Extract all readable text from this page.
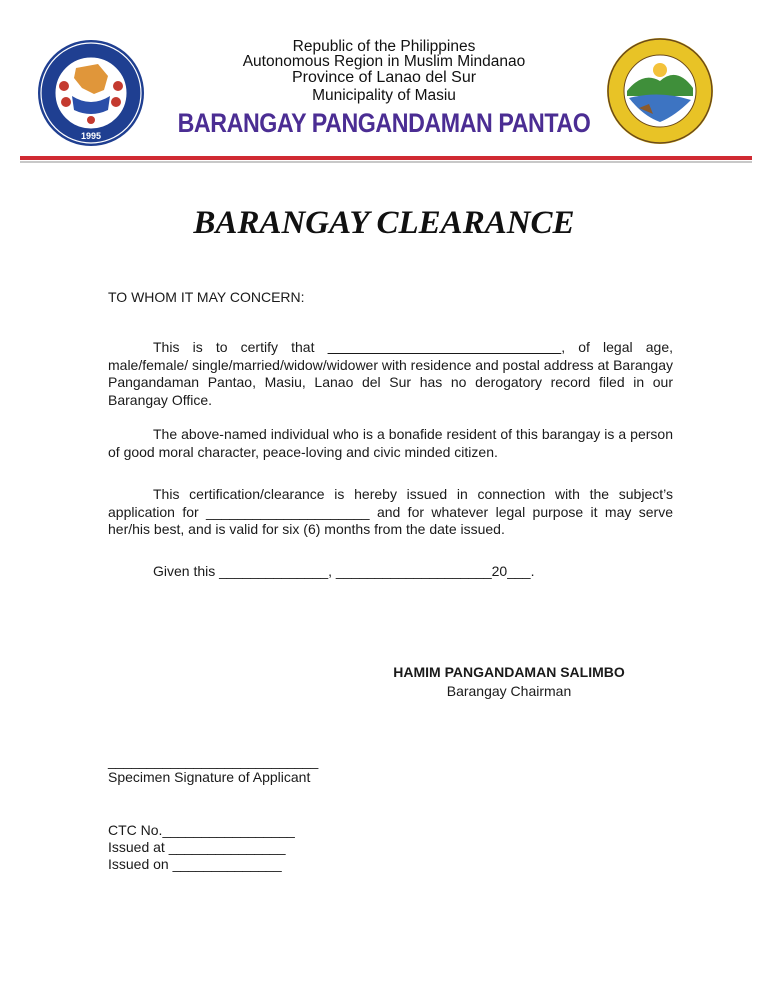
1995
Republic of the Philippines
Autonomous Region in Muslim Mindanao
Province of Lanao del Sur
Municipality of Masiu
BARANGAY PANGANDAMAN PANTAO
BARANGAY CLEARANCE
TO WHOM IT MAY CONCERN:
This is to certify that ______________________________, of legal age, male/female/ single/married/widow/widower with residence and postal address at Barangay Pangandaman Pantao, Masiu, Lanao del Sur has no derogatory record filed in our Barangay Office.
The above-named individual who is a bonafide resident of this barangay is a person of good moral character, peace-loving and civic minded citizen.
This certification/clearance is hereby issued in connection with the subject’s application for _____________________ and for whatever legal purpose it may serve her/his best, and is valid for six (6) months from the date issued.
Given this ______________, ____________________20___.
HAMIM PANGANDAMAN SALIMBO
Barangay Chairman
___________________________
Specimen Signature of Applicant
CTC No._________________
Issued at _______________
Issued on ______________
